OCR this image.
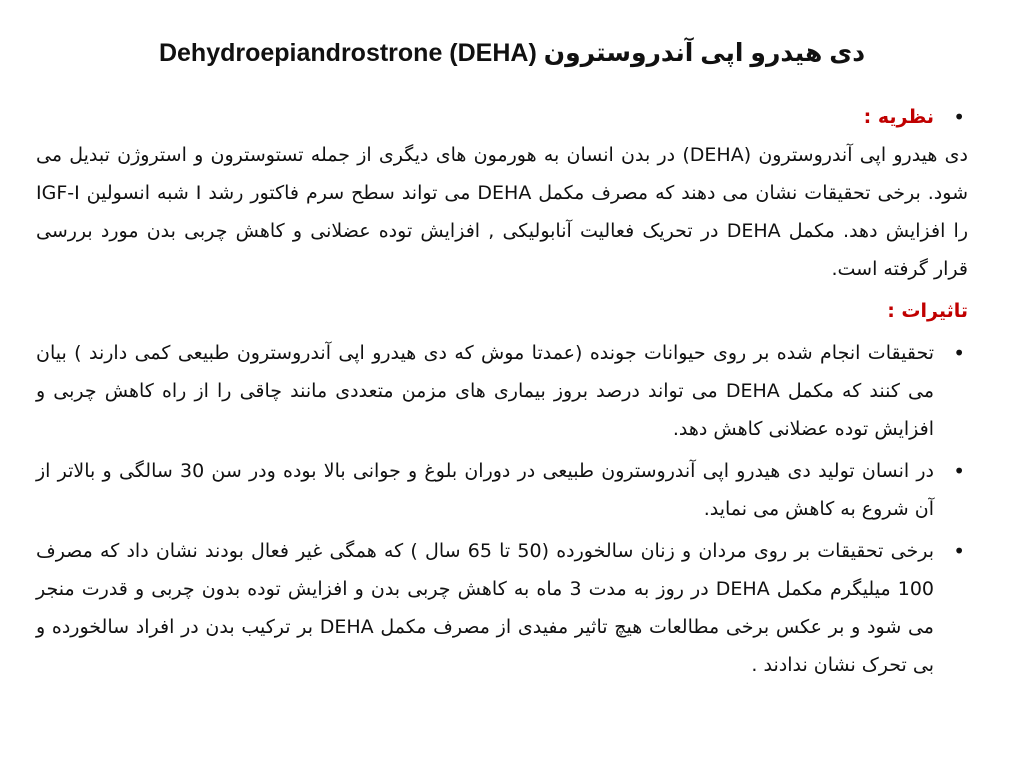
Dehydroepiandrostrone (DEHA) دی هیدرو اپی آندروسترون
•
نظریه :

دی هیدرو اپی آندروسترون (DEHA) در بدن انسان به هورمون های دیگری از جمله تستوسترون و استروژن تبدیل می شود. برخی تحقیقات نشان می دهند که مصرف مکمل DEHA می تواند سطح سرم فاکتور رشد I شبه انسولین IGF-I را افزایش دهد. مکمل DEHA در تحریک فعالیت آنابولیکی , افزایش توده عضلانی و کاهش چربی بدن مورد بررسی قرار گرفته است.

تاثیرات :
•
تحقیقات انجام شده بر روی حیوانات جونده (عمدتا موش که دی هیدرو اپی آندروسترون طبیعی کمی دارند ) بیان می کنند که مکمل DEHA می تواند درصد بروز بیماری های مزمن متعددی مانند چاقی را از راه کاهش چربی و افزایش توده عضلانی کاهش دهد.
•
در انسان تولید دی هیدرو اپی آندروسترون طبیعی در دوران بلوغ و جوانی بالا بوده ودر سن 30 سالگی و بالاتر از آن شروع به کاهش می نماید.
•
برخی تحقیقات بر روی مردان و زنان سالخورده (50 تا 65 سال ) که همگی غیر فعال بودند نشان داد که مصرف 100 میلیگرم مکمل DEHA در روز به مدت 3 ماه به کاهش چربی بدن و افزایش توده بدون چربی و قدرت منجر می شود و بر عکس برخی مطالعات هیچ تاثیر مفیدی از مصرف مکمل DEHA بر ترکیب بدن در افراد سالخورده و بی تحرک نشان ندادند .
